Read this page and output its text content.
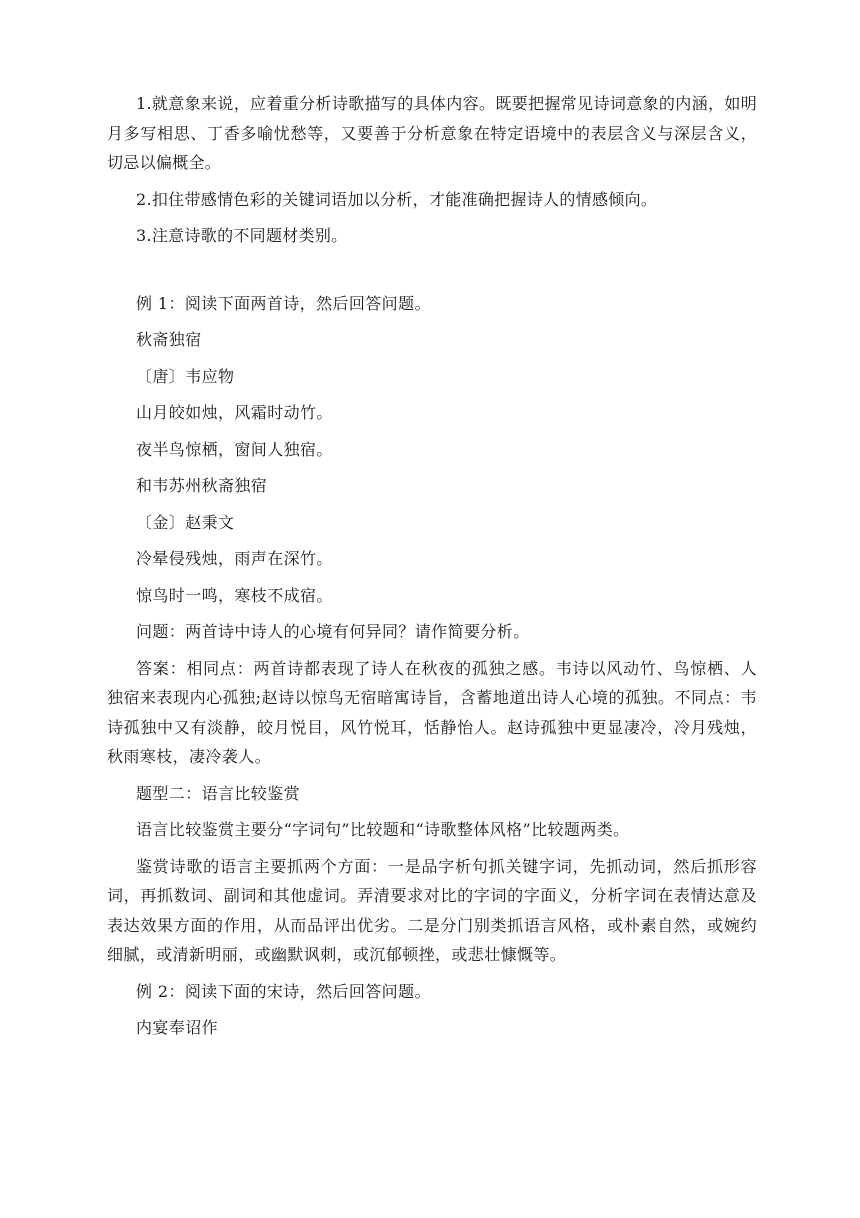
1.就意象来说，应着重分析诗歌描写的具体内容。既要把握常见诗词意象的内涵，如明月多写相思、丁香多喻忧愁等，又要善于分析意象在特定语境中的表层含义与深层含义，切忌以偏概全。

2.扣住带感情色彩的关键词语加以分析，才能准确把握诗人的情感倾向。

3.注意诗歌的不同题材类别。

例 1：阅读下面两首诗，然后回答问题。

秋斋独宿

〔唐〕韦应物

山月皎如烛，风霜时动竹。

夜半鸟惊栖，窗间人独宿。

和韦苏州秋斋独宿

〔金〕赵秉文

冷晕侵残烛，雨声在深竹。

惊鸟时一鸣，寒枝不成宿。

问题：两首诗中诗人的心境有何异同？请作简要分析。

答案：相同点：两首诗都表现了诗人在秋夜的孤独之感。韦诗以风动竹、鸟惊栖、人独宿来表现内心孤独;赵诗以惊鸟无宿暗寓诗旨，含蓄地道出诗人心境的孤独。不同点：韦诗孤独中又有淡静，皎月悦目，风竹悦耳，恬静怡人。赵诗孤独中更显凄冷，冷月残烛，秋雨寒枝，凄冷袭人。

题型二：语言比较鉴赏

语言比较鉴赏主要分“字词句”比较题和“诗歌整体风格”比较题两类。

鉴赏诗歌的语言主要抓两个方面：一是品字析句抓关键字词，先抓动词，然后抓形容词，再抓数词、副词和其他虚词。弄清要求对比的字词的字面义，分析字词在表情达意及表达效果方面的作用，从而品评出优劣。二是分门别类抓语言风格，或朴素自然，或婉约细腻，或清新明丽，或幽默讽刺，或沉郁顿挫，或悲壮慷慨等。

例 2：阅读下面的宋诗，然后回答问题。

内宴奉诏作
